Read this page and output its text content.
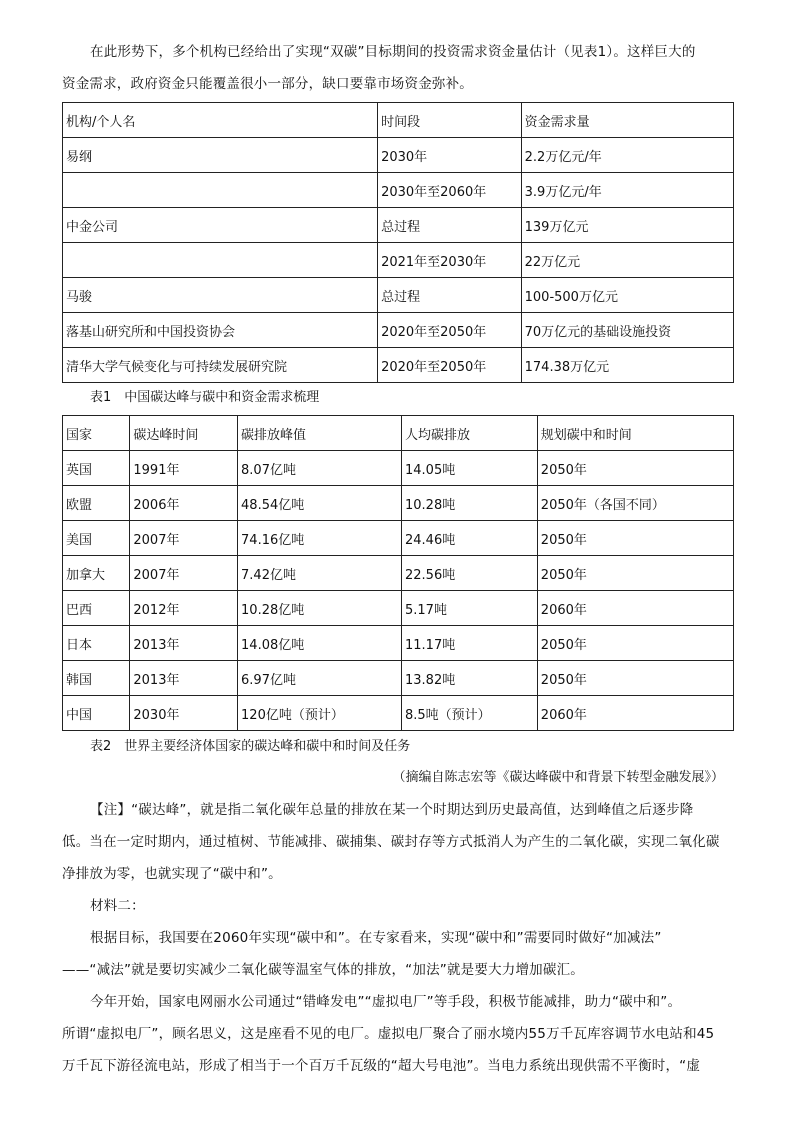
在此形势下，多个机构已经给出了实现“双碳”目标期间的投资需求资金量估计（见表1）。这样巨大的
资金需求，政府资金只能覆盖很小一部分，缺口要靠市场资金弥补。
机构/个人名	时间段	资金需求量
易纲	2030年	2.2万亿元/年
	2030年至2060年	3.9万亿元/年
中金公司	总过程	139万亿元
	2021年至2030年	22万亿元
马骏	总过程	100-500万亿元
落基山研究所和中国投资协会	2020年至2050年	70万亿元的基础设施投资
清华大学气候变化与可持续发展研究院	2020年至2050年	174.38万亿元
表1　中国碳达峰与碳中和资金需求梳理
国家	碳达峰时间	碳排放峰值	人均碳排放	规划碳中和时间
英国	1991年	8.07亿吨	14.05吨	2050年
欧盟	2006年	48.54亿吨	10.28吨	2050年（各国不同）
美国	2007年	74.16亿吨	24.46吨	2050年
加拿大	2007年	7.42亿吨	22.56吨	2050年
巴西	2012年	10.28亿吨	5.17吨	2060年
日本	2013年	14.08亿吨	11.17吨	2050年
韩国	2013年	6.97亿吨	13.82吨	2050年
中国	2030年	120亿吨（预计）	8.5吨（预计）	2060年
表2　世界主要经济体国家的碳达峰和碳中和时间及任务
（摘编自陈志宏等《碳达峰碳中和背景下转型金融发展》）
【注】“碳达峰”，就是指二氧化碳年总量的排放在某一个时期达到历史最高值，达到峰值之后逐步降
低。当在一定时期内，通过植树、节能减排、碳捕集、碳封存等方式抵消人为产生的二氧化碳，实现二氧化碳
净排放为零，也就实现了“碳中和”。
材料二：
根据目标，我国要在2060年实现“碳中和”。在专家看来，实现“碳中和”需要同时做好“加减法”
——“减法”就是要切实减少二氧化碳等温室气体的排放，“加法”就是要大力增加碳汇。
今年开始，国家电网丽水公司通过“错峰发电”“虚拟电厂”等手段，积极节能减排，助力“碳中和”。
所谓“虚拟电厂”，顾名思义，这是座看不见的电厂。虚拟电厂聚合了丽水境内55万千瓦库容调节水电站和45
万千瓦下游径流电站，形成了相当于一个百万千瓦级的“超大号电池”。当电力系统出现供需不平衡时，“虚
